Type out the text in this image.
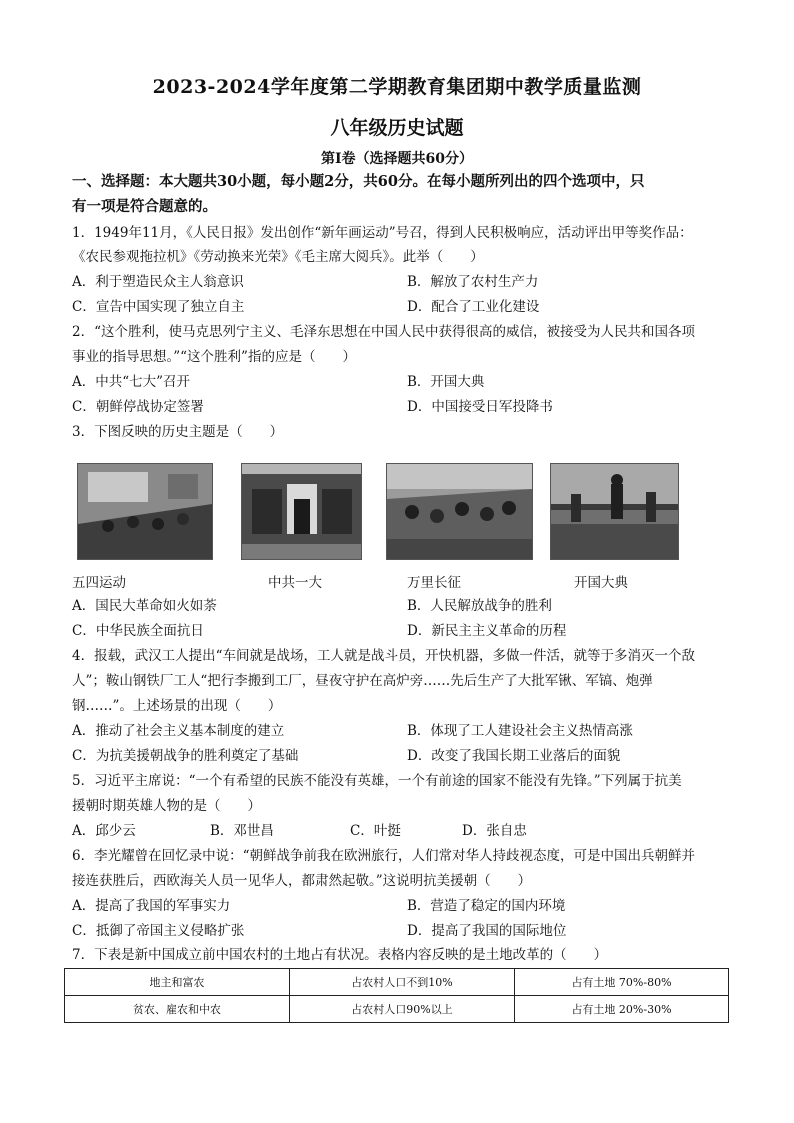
2023-2024学年度第二学期教育集团期中教学质量监测
八年级历史试题
第Ⅰ卷（选择题共60分）
一、选择题：本大题共30小题，每小题2分，共60分。在每小题所列出的四个选项中，只
有一项是符合题意的。
1．1949年11月，《人民日报》发出创作“新年画运动”号召，得到人民积极响应，活动评出甲等奖作品：
《农民参观拖拉机》《劳动换来光荣》《毛主席大阅兵》。此举（　　）
A．利于塑造民众主人翁意识	B．解放了农村生产力
C．宣告中国实现了独立自主	D．配合了工业化建设
2．“这个胜利，使马克思列宁主义、毛泽东思想在中国人民中获得很高的威信，被接受为人民共和国各项
事业的指导思想。”“这个胜利”指的应是（　　）
A．中共“七大”召开	B．开国大典
C．朝鲜停战协定签署	D．中国接受日军投降书
3．下图反映的历史主题是（　　）
五四运动	中共一大	万里长征	开国大典
A．国民大革命如火如荼	B．人民解放战争的胜利
C．中华民族全面抗日	D．新民主主义革命的历程
4．报载，武汉工人提出“车间就是战场，工人就是战斗员，开快机器，多做一件活，就等于多消灭一个敌
人”；鞍山钢铁厂工人“把行李搬到工厂，昼夜守护在高炉旁……先后生产了大批军锹、军镐、炮弹
钢……”。上述场景的出现（　　）
A．推动了社会主义基本制度的建立	B．体现了工人建设社会主义热情高涨
C．为抗美援朝战争的胜利奠定了基础	D．改变了我国长期工业落后的面貌
5．习近平主席说：“一个有希望的民族不能没有英雄，一个有前途的国家不能没有先锋。”下列属于抗美
援朝时期英雄人物的是（　　）
A．邱少云	B．邓世昌	C．叶挺	D．张自忠
6．李光耀曾在回忆录中说：“朝鲜战争前我在欧洲旅行，人们常对华人持歧视态度，可是中国出兵朝鲜并
接连获胜后，西欧海关人员一见华人，都肃然起敬。”这说明抗美援朝（　　）
A．提高了我国的军事实力	B．营造了稳定的国内环境
C．抵御了帝国主义侵略扩张	D．提高了我国的国际地位
7．下表是新中国成立前中国农村的土地占有状况。表格内容反映的是土地改革的（　　）
地主和富农	占农村人口不到10%	占有土地 70%-80%
贫农、雇农和中农	占农村人口90%以上	占有土地 20%-30%
